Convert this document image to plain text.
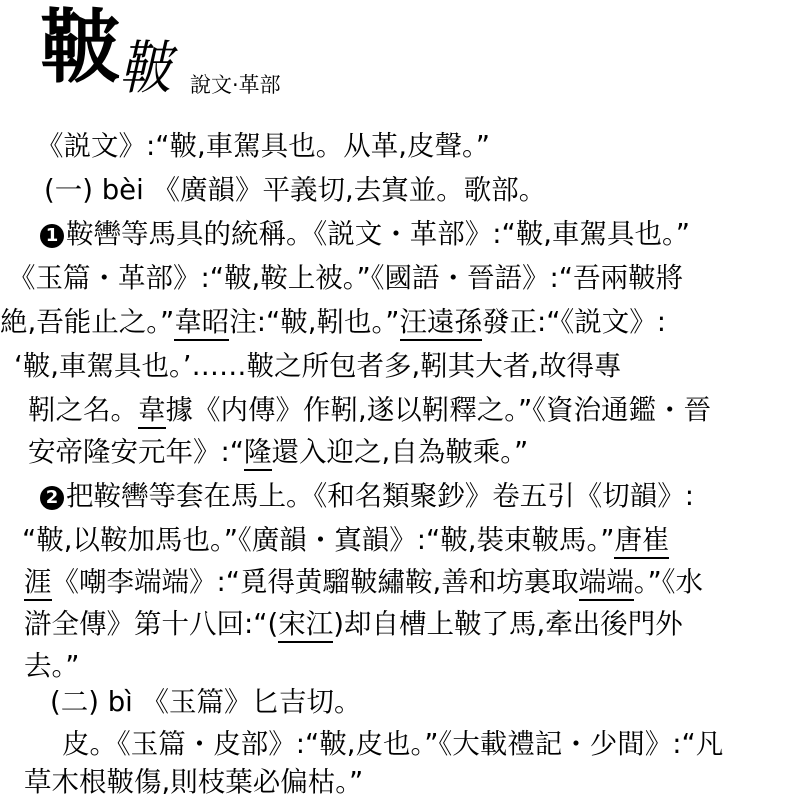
鞁 鞁 說文·革部
《説文》:“鞁,車駕具也。从革,皮聲。”
(一) bèi 《廣韻》平義切,去寘並。歌部。
1 鞍轡等馬具的統稱。《説文・革部》:“鞁,車駕具也。”
《玉篇・革部》:“鞁,鞍上被。”《國語・晉語》:“吾兩鞁將
絶,吾能止之。”韋昭注:“鞁,靷也。”汪遠孫發正:“《説文》:
‘鞁,車駕具也。’……鞁之所包者多,靷其大者,故得專
靷之名。韋據《内傳》作靷,遂以靷釋之。”《資治通鑑・晉
安帝隆安元年》:“隆還入迎之,自為鞁乘。”
2 把鞍轡等套在馬上。《和名類聚鈔》卷五引《切韻》:
“鞁,以鞍加馬也。”《廣韻・寘韻》:“鞁,裝束鞁馬。”唐崔
涯《嘲李端端》:“覓得黄騮鞁繡鞍,善和坊裏取端端。”《水
滸全傳》第十八回:“(宋江)却自槽上鞁了馬,牽出後門外
去。”
(二) bì 《玉篇》匕吉切。
皮。《玉篇・皮部》:“鞁,皮也。”《大載禮記・少間》:“凡
草木根鞁傷,則枝葉必偏枯。”
